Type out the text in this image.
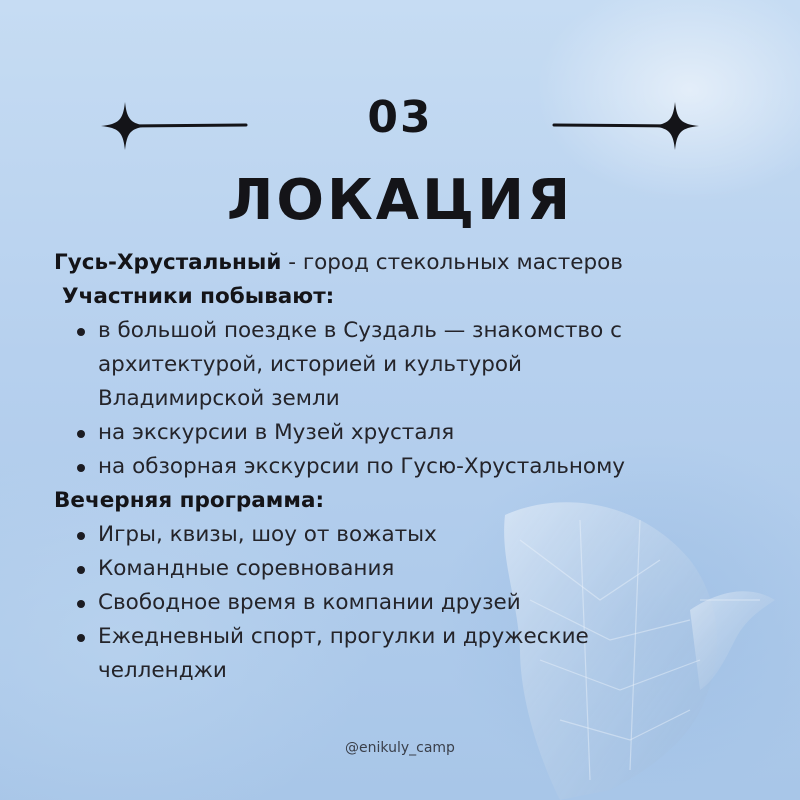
03
ЛОКАЦИЯ
Гусь-Хрустальный - город стекольных мастеров
Участники побывают:
в большой поездке в Суздаль — знакомство с
архитектурой, историей и культурой
Владимирской земли
на экскурсии в Музей хрусталя
на обзорная экскурсии по Гусю-Хрустальному
Вечерняя программа:
Игры, квизы, шоу от вожатых
Командные соревнования
Свободное время в компании друзей
Ежедневный спорт, прогулки и дружеские
челленджи
@enikuly_camp
